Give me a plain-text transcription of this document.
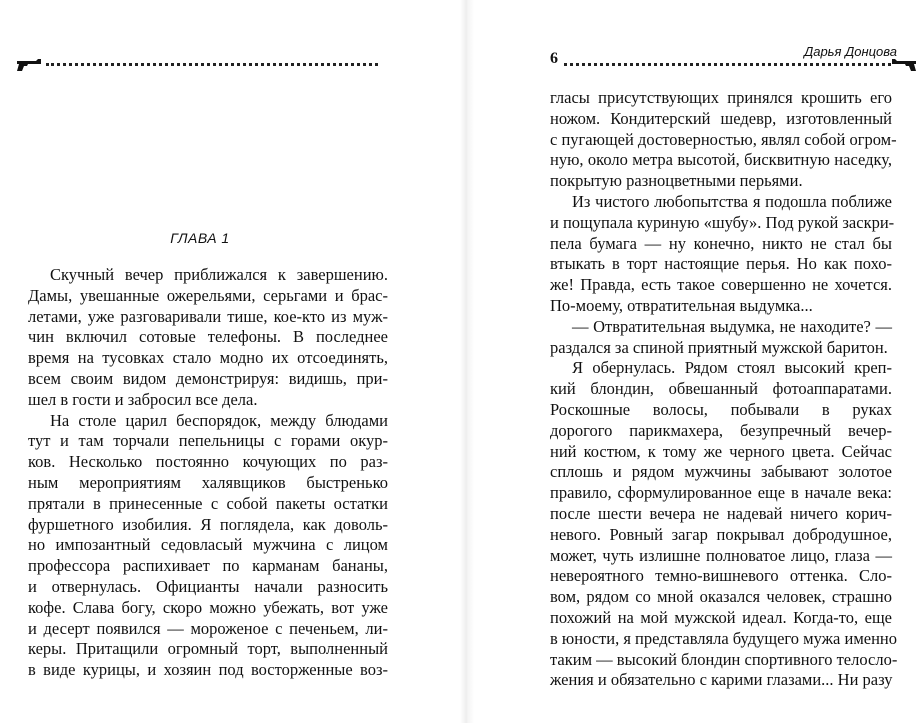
ГЛАВА 1
Скучный вечер приближался к завершению.
Дамы, увешанные ожерельями, серьгами и брас-
летами, уже разговаривали тише, кое-кто из муж-
чин включил сотовые телефоны. В последнее
время на тусовках стало модно их отсоединять,
всем своим видом демонстрируя: видишь, при-
шел в гости и забросил все дела.
На столе царил беспорядок, между блюдами
тут и там торчали пепельницы с горами окур-
ков. Несколько постоянно кочующих по раз-
ным мероприятиям халявщиков быстренько
прятали в принесенные с собой пакеты остатки
фуршетного изобилия. Я поглядела, как доволь-
но импозантный седовласый мужчина с лицом
профессора распихивает по карманам бананы,
и отвернулась. Официанты начали разносить
кофе. Слава богу, скоро можно убежать, вот уже
и десерт появился — мороженое с печеньем, ли-
керы. Притащили огромный торт, выполненный
в виде курицы, и хозяин под восторженные воз-
Дарья Донцова
6
гласы присутствующих принялся крошить его
ножом. Кондитерский шедевр, изготовленный
с пугающей достоверностью, являл собой огром-
ную, около метра высотой, бисквитную наседку,
покрытую разноцветными перьями.
Из чистого любопытства я подошла поближе
и пощупала куриную «шубу». Под рукой заскри-
пела бумага — ну конечно, никто не стал бы
втыкать в торт настоящие перья. Но как похо-
же! Правда, есть такое совершенно не хочется.
По-моему, отвратительная выдумка...
— Отвратительная выдумка, не находите? —
раздался за спиной приятный мужской баритон.
Я обернулась. Рядом стоял высокий креп-
кий блондин, обвешанный фотоаппаратами.
Роскошные волосы, побывали в руках
дорогого парикмахера, безупречный вечер-
ний костюм, к тому же черного цвета. Сейчас
сплошь и рядом мужчины забывают золотое
правило, сформулированное еще в начале века:
после шести вечера не надевай ничего корич-
невого. Ровный загар покрывал добродушное,
может, чуть излишне полноватое лицо, глаза —
невероятного темно-вишневого оттенка. Сло-
вом, рядом со мной оказался человек, страшно
похожий на мой мужской идеал. Когда-то, еще
в юности, я представляла будущего мужа именно
таким — высокий блондин спортивного телосло-
жения и обязательно с карими глазами... Ни разу
